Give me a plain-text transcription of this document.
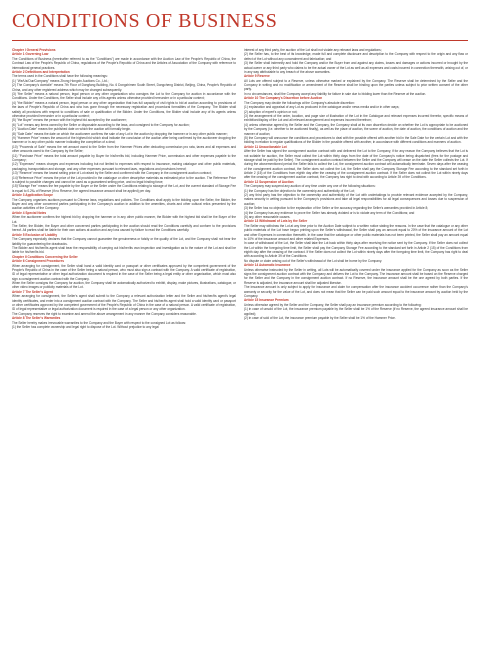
CONDITIONS OF BUSINESS

Chapter I General Provisions

Article 1 Governing Law

The Conditions of Business (hereinafter referred to as the "Conditions") are made in accordance with the Auction Law of the People's Republic of China, the Contract Law of the People's Republic of China, regulations of the People's Republic of China and the Articles of Association of the Company with reference to international general practices.

Article 2 Definitions and Interpretation

The terms used in the Conditions shall have the following meanings:

(1) "We/Us/Our/Company" means Zhong Hongxin Auctions Co., Ltd.;

(2) The Company's domicile" means 7th Floor of Dongfang Building, No. 6 Dongzhimen South Street, Dongcheng District, Beijing, China, People's Republic of China, and any other registered address which may be changed subsequently.

(3) "the Seller" means a natural person, legal person or any other organization who consigns the Lot to the Company for auction in accordance with the Conditions. Under the Conditions, the Seller shall include any of its agents unless otherwise provided hereunder or in a particular context;

(4) "the Bidder" means a natural person, legal person or any other organization that has full capacity of civil rights to bid at auction according to provisions of the laws of People's Republic of China and who has gone through the necessary registration and procedural formalities of the Company. The Bidder shall satisfy all provisions with respect to conditions of sale or qualification of the Bidder. Under the Conditions, the Bidder shall include any of its agents unless otherwise provided hereunder or in a particular context;

(5) "the Buyer" means the person with the highest bid accepted by the auctioneer;

(6) "Lot" means any items owned by the Seller or disposable according to the laws, and consigned to the Company for auction;

(7) "Auction Date" means the published date on which the auction will formally begin.

(8) "Sale Date" means the date on which the auctioneer confirms the sale of any Lot in the auction by dropping the hammer or in any other public manner;

(9) "Hammer Price" means the amount of the highest bid which shall indicate the conclusion of the auction after being confirmed by the auctioneer dropping the hammer or in any other public manner indicating the completion of a deal;

(10) "Proceeds of Sale" means the net amount owed to the Seller from the Hammer Prices after deducting commission pro rata, taxes and all expenses and other amounts owed to the Company by the Seller;

(11) "Purchase Price" means the total amount payable by Buyer for his/her/its bid, including Hammer Price, commission and other expenses payable to the Company;

(12) "Expenses" means charges and expenses including but not limited to expenses with respect to insurance, making catalogue and other public materials, packaging, transportation and storage, and any other expenses pursuant to relevant laws, regulations and provisions hereof;

(13) "Reserve" means the lowest selling price of Lot raised by the Seller and confirmed with the Company in the consignment auction contract;

(14)"Reference Price" means the price of the Lot provided in the catalogue or other descriptive materials as estimated prior to the auction. The Reference Price is subject to possible changes and cannot be used as a guaranteed selling price, and no legal binding force;

(15)"Storage Fee" means the fee payable by the Buyer or the Seller under the Conditions relating to storage of the Lot, and the current standard of Storage Fee is equal to 0.2‰ of Reserve (if no Reserve, the agreed insurance amount shall be applied) per day.

Article 3 Application Scope

The Company organizes auctions pursuant to Chinese laws, regulations and policies. The Conditions shall apply to the bidding upon the Seller, the Bidder, the Buyer and any other concerned parties participating in the Company's auction in addition to the amenities, charts and other cultural relics presented by the auction activities of the Company.

Article 4 Special Notes

When the auctioneer confirms the highest bid by dropping the hammer or in any other public manner, the Bidder with the highest bid shall be the Buyer of the Lot.

The Seller, the Bidder, the Buyer and other concerned parties participating in the auction should read the Conditions carefully and conform to the provisions hereof. All parties shall be liable for their own actions at auction and any loss caused by failure to read the Conditions carefully.

Article 5 Exclusion of Liability

The Company especially declares that the Company cannot guarantee the genuineness or falsity or the quality of the Lot, and the Company shall not bear the liability for guaranteeing the drawbacks.

The Bidder and his/her/its agent shall bear the responsibility of carrying out his/her/its own inspection and investigation as to the nature of the Lot and shall be liable for his/her/its bid.

Chapter II Conditions Concerning the Seller

Article 6 Consignment Procedures

When arranging for consignment, the Seller shall hand a valid identity card or passport or other certificates approved by the competent government of the People's Republic of China in the case of the Seller being a natural person, who must also sign a contract with the Company. A valid certificate of registration, ID of legal representative or other legal authorization document is required in the case of the Seller being a legal entity or other organization, which must also sign a consignment auction contract with the Company.

When the Seller consigns the Company for auction, the Company shall be automatically authorized to exhibit, display, make pictures, illustrations, catalogue, or other video images or publicity materials of the Lot.

Article 7 The Seller's Agent

When arranging for consignment, the Seller's agent shall submit to the Company a relevant authorization letter and the Seller and his/her/its agent's legal identity certificates, and enter into a consignment auction contract with the Company. The Seller and his/her/its agent shall hold a valid identity card or passport or other certificates approved by the competent government of the People's Republic of China in the case of a natural person. A valid certificate of registration, ID of legal representative or legal authorization document is required in the case of a legal person or any other organization.

The Company reserves the right to examine and amend the above arrangement in any manner the Company considers reasonable.

Article 8 The Seller's Warranties

The Seller hereby makes irrevocable warranties to the Company and the Buyer with respect to the consigned Lot as follows:

(1) the Seller has complete ownership and legal right to dispose of the Lot. Without prejudice to any legal

interest of any third party, the auction of the Lot shall not violate any relevant laws and regulations;

(2) the Seller has, to the best of its knowledge, made full and complete disclosure and description to the Company with respect to the origin and any flaw or defect of the Lot without any concealment and fabrication; and

(3) the Seller shall indemnify and hold the Company and/or the Buyer from and against any claims, losses and damages or actions incurred or brought by the actual owner or any third party who claims to be the actual owner of the Lot as well as all expenses and costs incurred in connection therewith, arising out of, or in any way attributable to any breach of the above warranties.

Article 9 Reserve

All Lots are offered subject to a Reserve, unless otherwise marked or explained by the Company. The Reserve shall be determined by the Seller and the Company in writing and no modification or amendment of the Reserve shall be binding upon the parties unless subject to prior written consent of the other party.

In no circumstances, shall the Company accept any liability for failure in sale due to bidding lower than the Reserve at the auction.

Article 10 The Company's Discretion before Auction

The Company may decide the followings at the Company's absolute discretion:

(1) explanation and appraisal of any Lot as produced in the catalogue and/or news media and/or in other ways;

(2) adoption of expert's opinion or not;

(3) the arrangement of the order, location, and page size of illustration of the Lot in the Catalogue and relevant expenses incurred therefor, specific means of exhibition/display of the Lot and all relevant arrangement and expenses incurred therefrom;

(4) unless otherwise agreed by the Seller and the Company, the Company shall at its own discretion decide on whether the Lot is appropriate to be auctioned by the Company (i.e. whether to be auctioned finally), as well as the place of auction, the scene of auction, the date of auction, the conditions of auction and the manner of auction;

(5) the Company will announce the conditions and procedures to deal with the possible offered with another bid in the Sale Date for the certain Lot and with the bidding in relation to regular qualifications of the Bidder in the possible offered with another, in accordance with different conditions and manners of auction.

Article 11 Unauctionable Lot

After the Seller has signed the consignment auction contract with and delivered the Lot to the Company, if for any reason the Company believes that the Lot is not suitable for auction, the Seller must collect the Lot within thirty days from the date of the Company's notice being dispatched (fees for the postage and storage shall be paid by the Seller). The consignment auction contract between the Seller and the Company will cease on the date the Seller collects the Lot. If during the abovementioned period the Seller fails to collect the Lot, the consignment auction contract will automatically terminate. Seven days after the ceasing of the consignment auction contract, the Seller does not collect the Lot, the Seller shall pay the Company Storage Fee according to the standard set forth in Article 2 (15) of the Conditions from eighth day after the ceasing of the consignment auction contract. If the Seller does not collect the Lot within ninety days after the ceasing of the consignment auction contract, the Company has right to deal with according to Article 39 of the Conditions.

Article 12 Suspension of Auction

The Company may suspend any auction of any time under any one of the following situations:

(1) the Company has the objection to the ownership and authenticity of the Lot;

(2) any third party has the objection to the ownership and authenticity of the Lot with undertakings to provide relevant evidence accepted by the Company, makes security in writing pursuant to the Company's provisions and take all legal responsibilities for all legal consequences and losses due to suspension of auction;

(3) the Seller has no objection to the explanation of the Seller or the accuracy regarding the Seller's warranties provided in Article 8;

(4) the Company has any evidence to prove the Seller has already violated or is to violate any term of the Conditions; and

(5) any other reasonable causes.

Article 13 Withdrawal of Lots by the Seller

The Seller may withdraw the Lot at any time prior to the Auction Date subject to a written notice stating the reasons. In the case that the catalogue or any other public materials of the Lot have begun printing upon the Seller's withdrawal, the Seller shall pay an amount equal to 20% of the insurance amount of the Lot and other Expenses in connection therewith. In the case that the catalogue or other public materials has not been printed, the Seller shall pay an amount equal to 10% of the insurance amount and other related Expenses.

In case of withdrawal of the Lot, the Seller shall take the Lot back within thirty days after receiving the notice sent by the Company. If the Seller does not collect the Lot within the foregoing time limit, the Seller shall pay the Company Storage Fee according to the standard set forth in Article 2 (15) of the Conditions from eighth day after the ceasing of the contract. If the Seller does not collect the Lot within ninety days after the foregoing time limit, the Company has right to deal with according to Article 39 of the Conditions.

No dispute or claim arising out of the Seller's withdrawal of the Lot shall be borne by the Company.

Article 14 Automatic Insurance

Unless otherwise instructed by the Seller in writing, all Lots will be automatically covered under the insurance applied for the Company as soon as the Seller signs the consignment auction contract with the Company and delivers the Lot to the Company. The insurance amount shall be based on the Reserve charged for the Seller and the Company in the consignment auction contract. If no Reserve, the insurance amount shall be the one agreed by both parties. If the Reserve is adjusted, the insurance amount shall be adjusted likewise.

The insurance amount is only subject to apply for insurance and claim for compensation after the insurance accident occurrence rather than the Company's warranty or security for the value of the Lot, and does not mean that the Seller can be paid such amount equal to the insurance amount by auction held by the Company.

Article 15 Insurance Premium

Unless otherwise agreed by the Seller and the Company, the Seller shall pay an insurance premium according to the following:

(1) in case of unsold of the Lot, the insurance premium payable by the Seller shall be 1% of the Reserve (if no Reserve, the agreed insurance amount shall be applied);

(2) in case of sold of the Lot, the insurance premium payable by the Seller shall be 1% of the Hammer Price.
